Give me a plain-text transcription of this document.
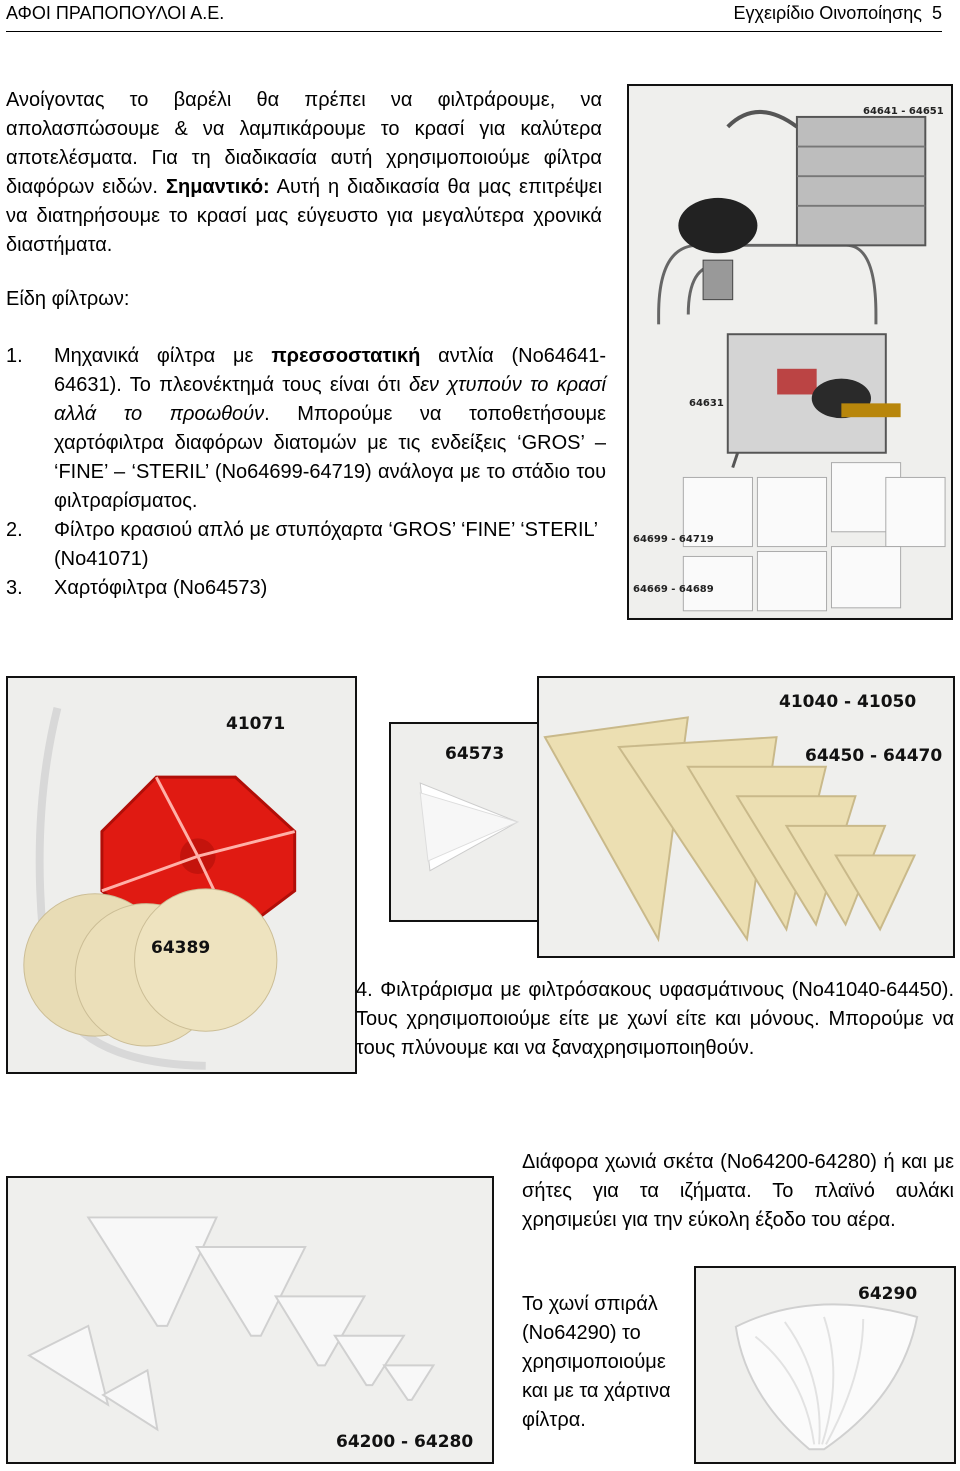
ΑΦΟΙ ΠΡΑΠΟΠΟΥΛΟΙ Α.Ε.	Εγχειρίδιο Οινοποίησης 5

Ανοίγοντας το βαρέλι θα πρέπει να φιλτράρουμε, να απολασπώσουμε & να λαμπικάρουμε το κρασί για καλύτερα αποτελέσματα. Για τη διαδικασία αυτή χρησιμοποιούμε φίλτρα διαφόρων ειδών. Σημαντικό: Αυτή η διαδικασία θα μας επιτρέψει να διατηρήσουμε το κρασί μας εύγευστο για μεγαλύτερα χρονικά διαστήματα.

Είδη φίλτρων:
1. Μηχανικά φίλτρα με πρεσσοστατική αντλία (Νο64641-64631). Το πλεονέκτημά τους είναι ότι δεν χτυπούν το κρασί αλλά το προωθούν. Μπορούμε να τοποθετήσουμε χαρτόφιλτρα διαφόρων διατομών με τις ενδείξεις ‘GROS’ – ‘FINE’ – ‘STERIL’ (Νο64699-64719) ανάλογα με το στάδιο του φιλτραρίσματος.
2. Φίλτρο κρασιού απλό με στυπόχαρτα ‘GROS’ ‘FINE’ ‘STERIL’ (Νο41071)
3. Χαρτόφιλτρα (Νο64573)
64641 - 64651
64631
64699 - 64719
64669 - 64689
41071
64389
64573
41040 - 41050
64450 - 64470
4. Φιλτράρισμα με φιλτρόσακους υφασμάτινους (Νο41040-64450). Τους χρησιμοποιούμε είτε με χωνί είτε και μόνους. Μπορούμε να τους πλύνουμε και να ξαναχρησιμοποιηθούν.
64200 - 64280
Διάφορα χωνιά σκέτα (Νο64200-64280) ή και με σήτες για τα ιζήματα. Το πλαϊνό αυλάκι χρησιμεύει για την εύκολη έξοδο του αέρα.
Το χωνί σπιράλ (Νο64290) το χρησιμοποιούμε και με τα χάρτινα φίλτρα.
64290
